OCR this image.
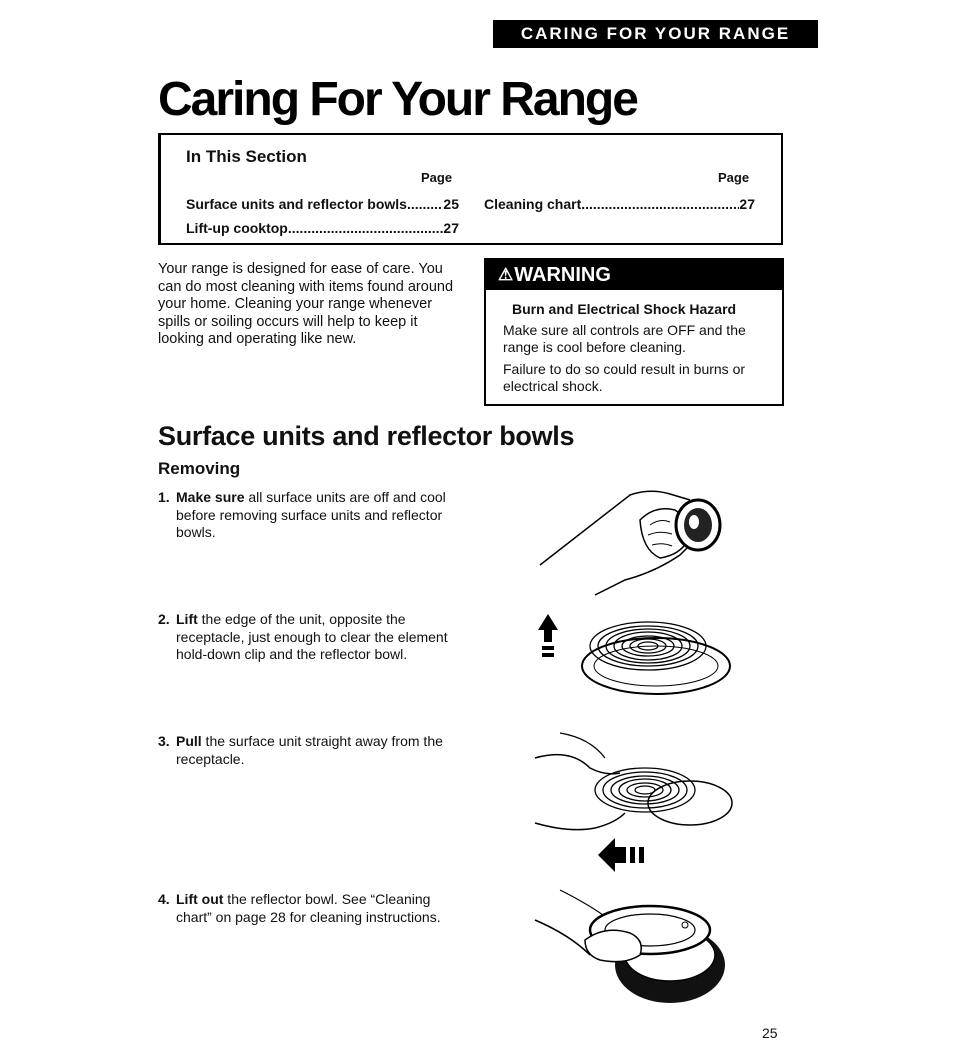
CARING FOR YOUR RANGE
Caring For Your Range
In This Section
Page	Page
Surface units and reflector bowls .....	25
Lift-up cooktop .....	27
Cleaning chart .....	27
Your range is designed for ease of care. You can do most cleaning with items found around your home. Cleaning your range whenever spills or soiling occurs will help to keep it looking and operating like new.
⚠ WARNING
Burn and Electrical Shock Hazard
Make sure all controls are OFF and the range is cool before cleaning.
Failure to do so could result in burns or electrical shock.
Surface units and reflector bowls
Removing
1. Make sure all surface units are off and cool before removing surface units and reflector bowls.
2. Lift the edge of the unit, opposite the receptacle, just enough to clear the element hold-down clip and the reflector bowl.
3. Pull the surface unit straight away from the receptacle.
4. Lift out the reflector bowl. See “Cleaning chart” on page 28 for cleaning instructions.
25
